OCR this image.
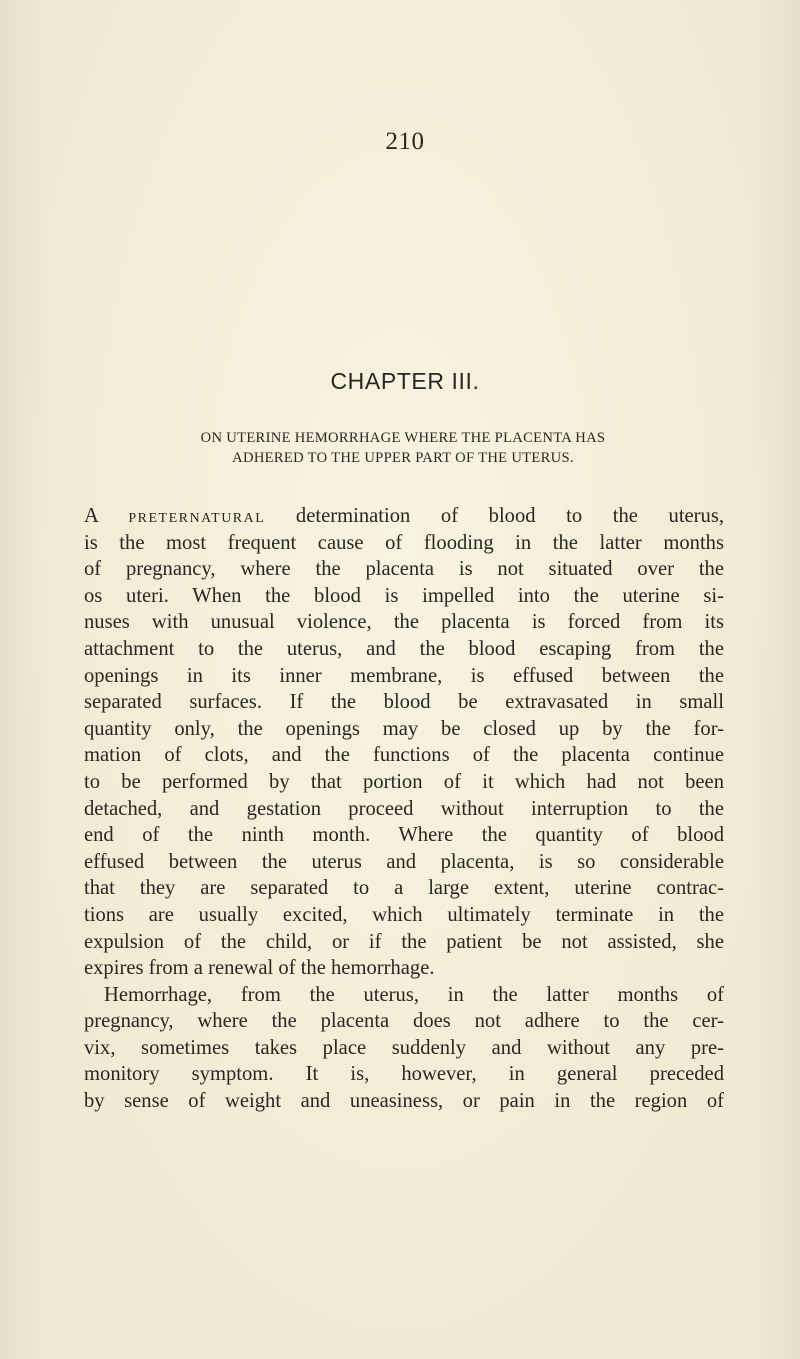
210
CHAPTER III.
ON UTERINE HEMORRHAGE WHERE THE PLACENTA HAS
ADHERED TO THE UPPER PART OF THE UTERUS.
A preternatural determination of blood to the uterus,
is the most frequent cause of flooding in the latter months
of pregnancy, where the placenta is not situated over the
os uteri. When the blood is impelled into the uterine si-
nuses with unusual violence, the placenta is forced from its
attachment to the uterus, and the blood escaping from the
openings in its inner membrane, is effused between the
separated surfaces. If the blood be extravasated in small
quantity only, the openings may be closed up by the for-
mation of clots, and the functions of the placenta continue
to be performed by that portion of it which had not been
detached, and gestation proceed without interruption to the
end of the ninth month. Where the quantity of blood
effused between the uterus and placenta, is so considerable
that they are separated to a large extent, uterine contrac-
tions are usually excited, which ultimately terminate in the
expulsion of the child, or if the patient be not assisted, she
expires from a renewal of the hemorrhage.
Hemorrhage, from the uterus, in the latter months of
pregnancy, where the placenta does not adhere to the cer-
vix, sometimes takes place suddenly and without any pre-
monitory symptom. It is, however, in general preceded
by sense of weight and uneasiness, or pain in the region of
